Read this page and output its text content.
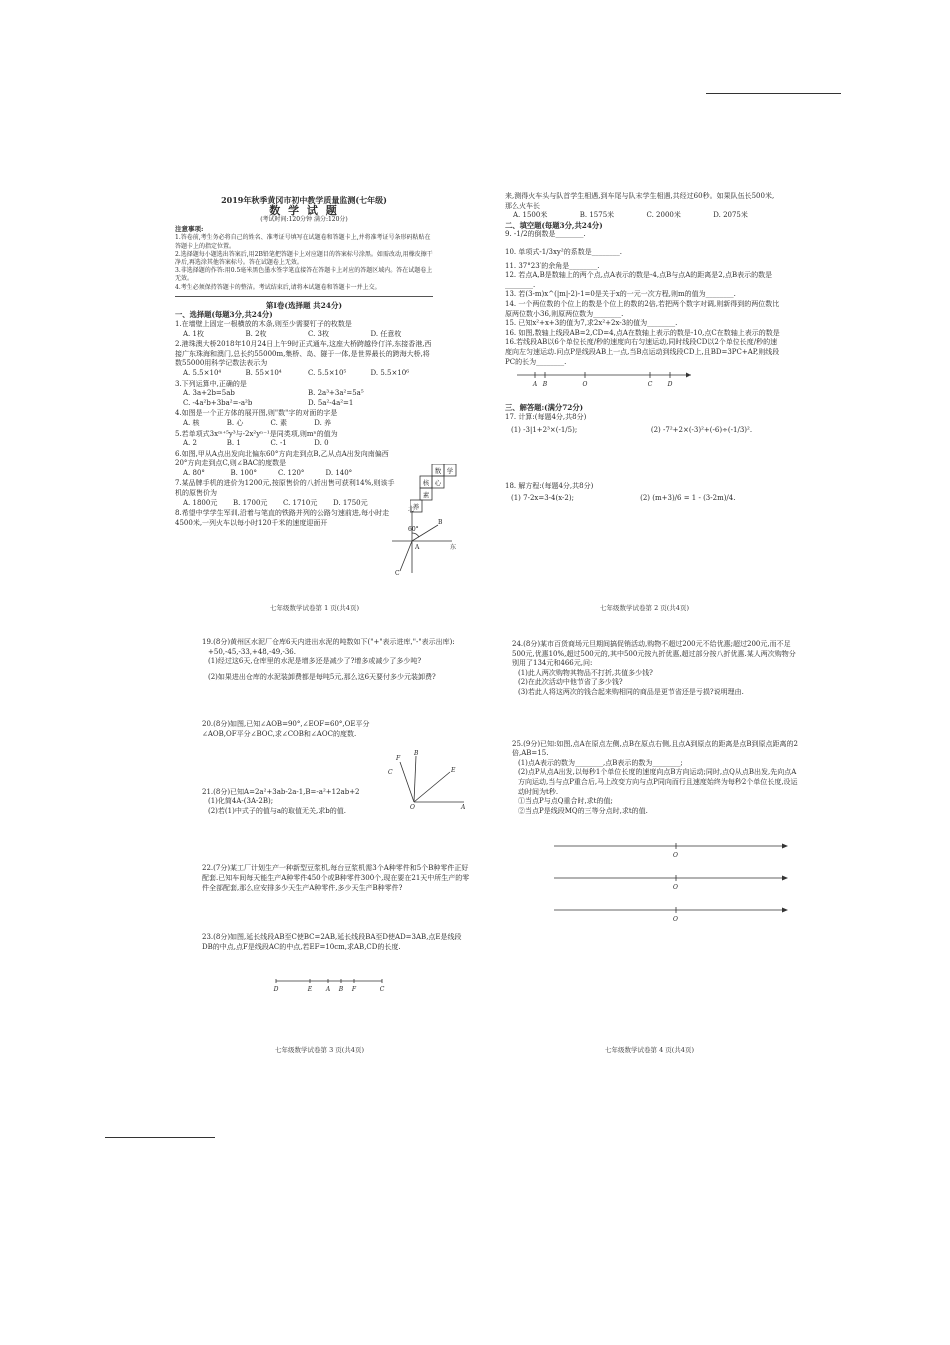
2019年秋季黄冈市初中教学质量监测(七年级)

数 学 试 题

(考试时间:120分钟 满分:120分)

注意事项:

1.答卷前,考生务必将自己的姓名、准考证号填写在试题卷和答题卡上,并将准考证号条形码粘贴在答题卡上的指定位置。

2.选择题每小题选出答案后,用2B铅笔把答题卡上对应题目的答案标号涂黑。如需改动,用橡皮擦干净后,再选涂其他答案标号。答在试题卷上无效。

3.非选择题的作答:用0.5毫米黑色墨水签字笔直接答在答题卡上对应的答题区域内。答在试题卷上无效。

4.考生必须保持答题卡的整洁。考试结束后,请将本试题卷和答题卡一并上交。

第Ⅰ卷(选择题 共24分)

一、选择题(每题3分,共24分)

1.在墙壁上固定一根横放的木条,则至少需要钉子的枚数是

A. 1枚	B. 2枚	C. 3枚	D. 任意枚

2.港珠澳大桥2018年10月24日上午9时正式通车,这座大桥跨越伶仃洋,东接香港,西接广东珠海和澳门,总长约55000m,集桥、岛、隧于一体,是世界最长的跨海大桥,将数55000用科学记数法表示为

A. 5.5×10⁴	B. 55×10⁴	C. 5.5×10⁵	D. 5.5×10⁶

3.下列运算中,正确的是

A. 3a+2b=5ab	B. 2a³+3a²=5a⁵
C. -4a²b+3ba²=-a²b	D. 5a²-4a²=1

4.如图是一个正方体的展开图,则"数"字的对面的字是

A. 核	B. 心	C. 素	D. 养

5.若单项式3xᵐ⁺⁵y³与-2x²yⁿ⁻¹是同类项,则mⁿ的值为

A. 2	B. 1	C. -1	D. 0

6.如图,甲从A点出发向北偏东60°方向走到点B,乙从点A出发向南偏西20°方向走到点C,则∠BAC的度数是

A. 80°	B. 100°	C. 120°	D. 140°

7.某品牌手机的进价为1200元,按原售价的八折出售可获利14%,则该手机的原售价为

A. 1800元	B. 1700元	C. 1710元	D. 1750元

8.希望中学学生军训,沿着与笔直的铁路并列的公路匀速前进,每小时走4500米,一列火车以每小时120千米的速度迎面开

数 学
核 心
素
养
北
东
60°
A
B
C

七年级数学试卷第 1 页(共4页)

来,测得火车头与队首学生相遇,到车尾与队末学生相遇,共经过60秒。如果队伍长500米,那么火车长

A. 1500米	B. 1575米	C. 2000米	D. 2075米

二、填空题(每题3分,共24分)

9. -1/2的倒数是________.

10. 单项式-1/3xy²的系数是________.

11. 37°23′的余角是________.

12. 若点A,B是数轴上的两个点,点A表示的数是-4,点B与点A的距离是2,点B表示的数是________.

13. 若(3-m)x^(|m|-2)-1=0是关于x的一元一次方程,则m的值为________.

14. 一个两位数的个位上的数是个位上的数的2倍,若把两个数字对调,则新得到的两位数比原两位数小36,则原两位数为________.

15. 已知x²+x+3的值为7,求2x²+2x-3的值为________.

16. 如图,数轴上线段AB=2,CD=4,点A在数轴上表示的数是-10,点C在数轴上表示的数是16.若线段AB以6个单位长度/秒的速度向右匀速运动,同时线段CD以2个单位长度/秒的速度向左匀速运动.问点P是线段AB上一点,当B点运动到线段CD上,且BD=3PC+AP,则线段PC的长为________.

A B	O	C	D

三、解答题:(满分72分)

17. 计算:(每题4分,共8分)

(1) -3|1+2³×(-1/5);	(2) -7²+2×(-3)²+(-6)÷(-1/3)².

18. 解方程:(每题4分,共8分)

(1) 7-2x=3-4(x-2);	(2) (m+3)/6 = 1 - (3-2m)/4.

七年级数学试卷第 2 页(共4页)

19.(8分)黄州区水泥厂仓库6天内进出水泥的吨数如下("+"表示进库,"-"表示出库):

+50,-45,-33,+48,-49,-36.

(1)经过这6天,仓库里的水泥是增多还是减少了?增多或减少了多少吨?

(2)如果进出仓库的水泥装卸费都是每吨5元,那么这6天要付多少元装卸费?

20.(8分)如图,已知∠AOB=90°,∠EOF=60°,OE平分∠AOB,OF平分∠BOC,求∠COB和∠AOC的度数.

21.(8分)已知A=2a²+3ab-2a-1,B=-a²+12ab+2

(1)化简4A-(3A-2B);

(2)若(1)中式子的值与a的取值无关,求b的值.

22.(7分)某工厂计划生产一种新型豆浆机,每台豆浆机需3个A种零件和5个B种零件正好配套.已知车间每天能生产A种零件450个或B种零件300个,现在要在21天中所生产的零件全部配套,那么应安排多少天生产A种零件,多少天生产B种零件?

23.(8分)如图,延长线段AB至C使BC=2AB,延长线段BA至D使AD=3AB,点E是线段DB的中点,点F是线段AC的中点,若EF=10cm,求AB,CD的长度.

F
B
C	E
O	A
D	E A B F	C

七年级数学试卷第 3 页(共4页)

24.(8分)某市百货商场元旦期间搞促销活动,购物不超过200元不给优惠;超过200元,而不足500元,优惠10%,超过500元的,其中500元按九折优惠,超过部分按八折优惠.某人两次购物分别用了134元和466元,问:

(1)此人两次购物其物品不打折,共值多少钱?

(2)在此次活动中他节省了多少钱?

(3)若此人将这两次的钱合起来购相同的商品是更节省还是亏损?说明理由.

25.(9分)已知:如图,点A在原点左侧,点B在原点右侧,且点A到原点的距离是点B到原点距离的2倍,AB=15.

(1)点A表示的数为________,点B表示的数为________;

(2)点P从点A出发,以每秒1个单位长度的速度向点B方向运动;同时,点Q从点B出发,先向点A方向运动,当与点P重合后,马上改变方向与点P同向而行且速度始终为每秒2个单位长度,设运动时间为t秒.

①当点P与点Q重合时,求t的值;

②当点P是线段MQ的三等分点时,求t的值.

O
O
O

七年级数学试卷第 4 页(共4页)
